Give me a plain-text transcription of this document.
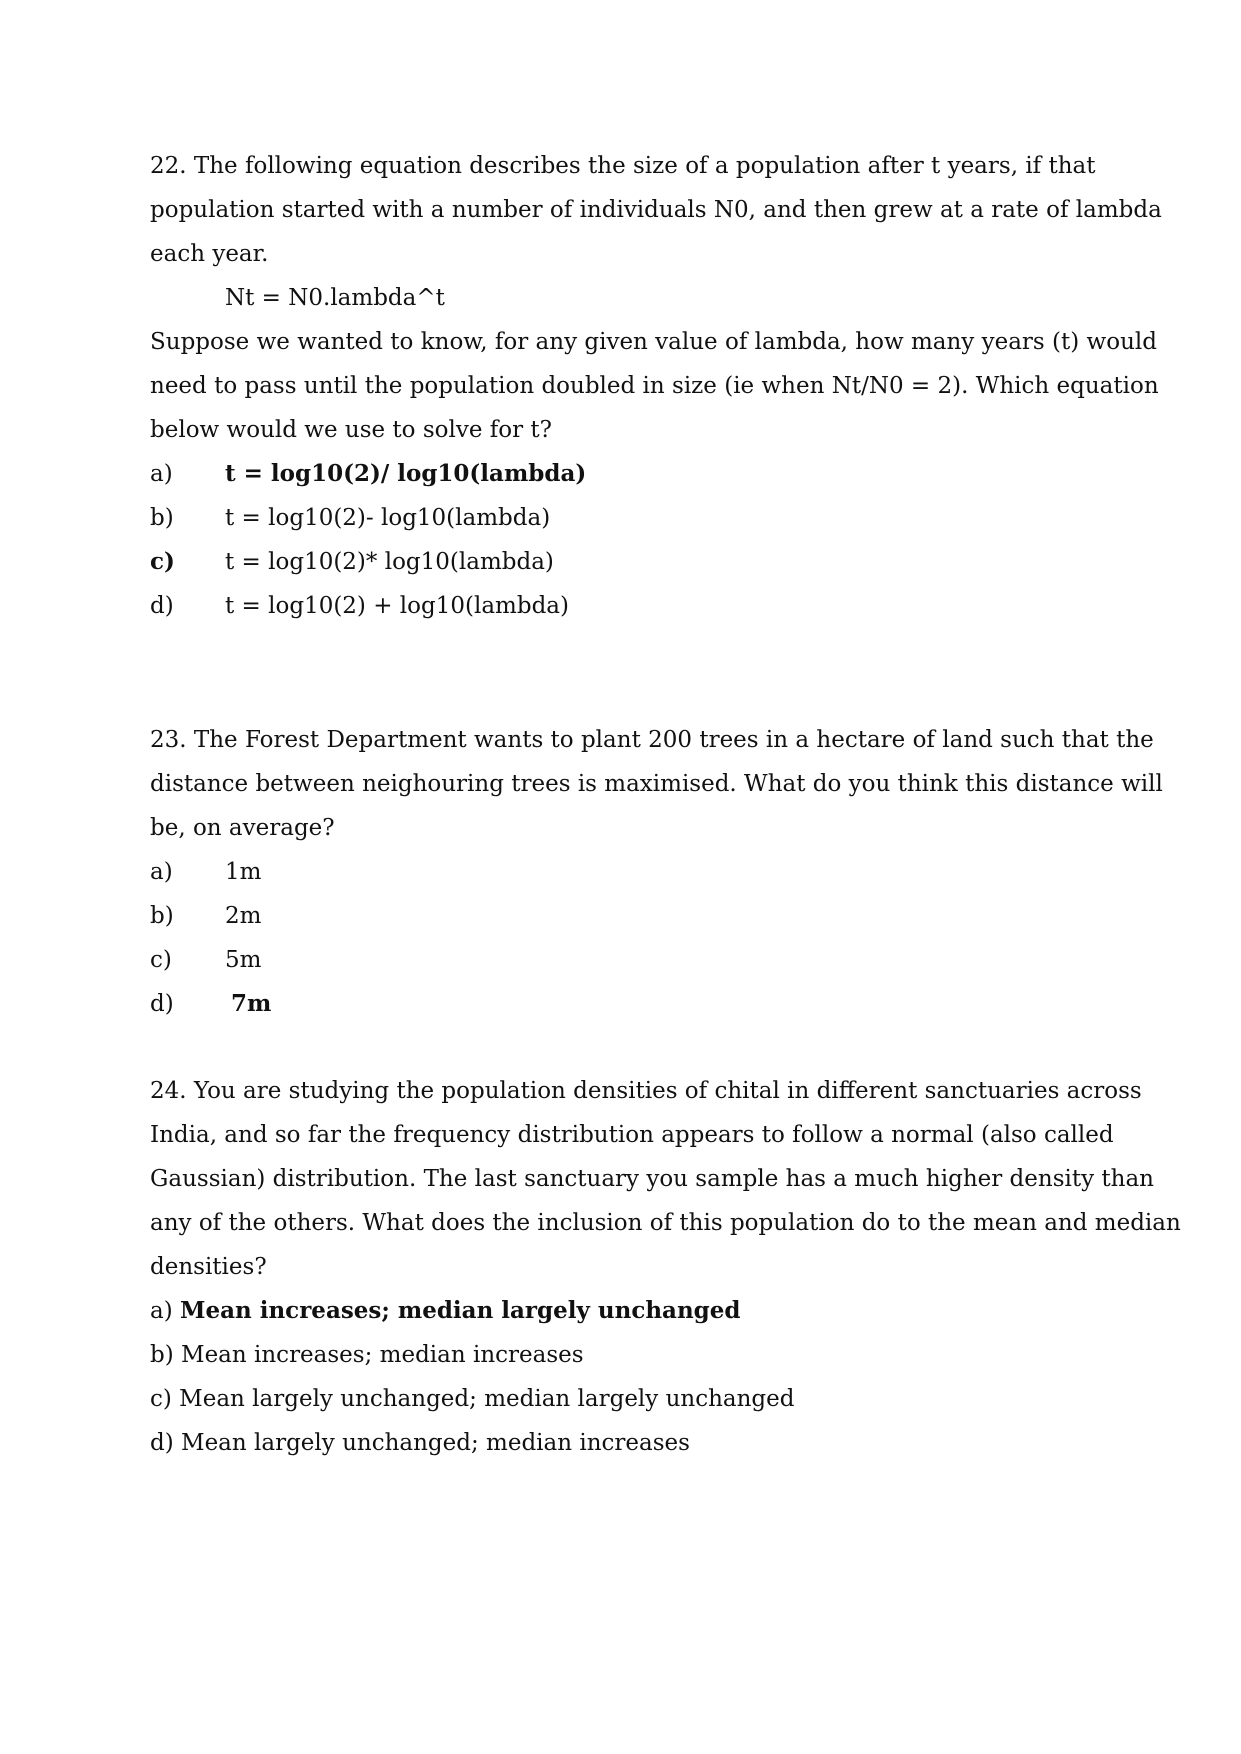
22. The following equation describes the size of a population after t years, if that
population started with a number of individuals N0, and then grew at a rate of lambda
each year.
Nt = N0.lambda^t
Suppose we wanted to know, for any given value of lambda, how many years (t) would
need to pass until the population doubled in size (ie when Nt/N0 = 2). Which equation
below would we use to solve for t?
a) t = log10(2)/ log10(lambda)
b) t = log10(2)- log10(lambda)
c) t = log10(2)* log10(lambda)
d) t = log10(2) + log10(lambda)
23. The Forest Department wants to plant 200 trees in a hectare of land such that the
distance between neighouring trees is maximised. What do you think this distance will
be, on average?
a) 1m
b) 2m
c) 5m
d) 7m
24. You are studying the population densities of chital in different sanctuaries across
India, and so far the frequency distribution appears to follow a normal (also called
Gaussian) distribution. The last sanctuary you sample has a much higher density than
any of the others. What does the inclusion of this population do to the mean and median
densities?
a) Mean increases; median largely unchanged
b) Mean increases; median increases
c) Mean largely unchanged; median largely unchanged
d) Mean largely unchanged; median increases
